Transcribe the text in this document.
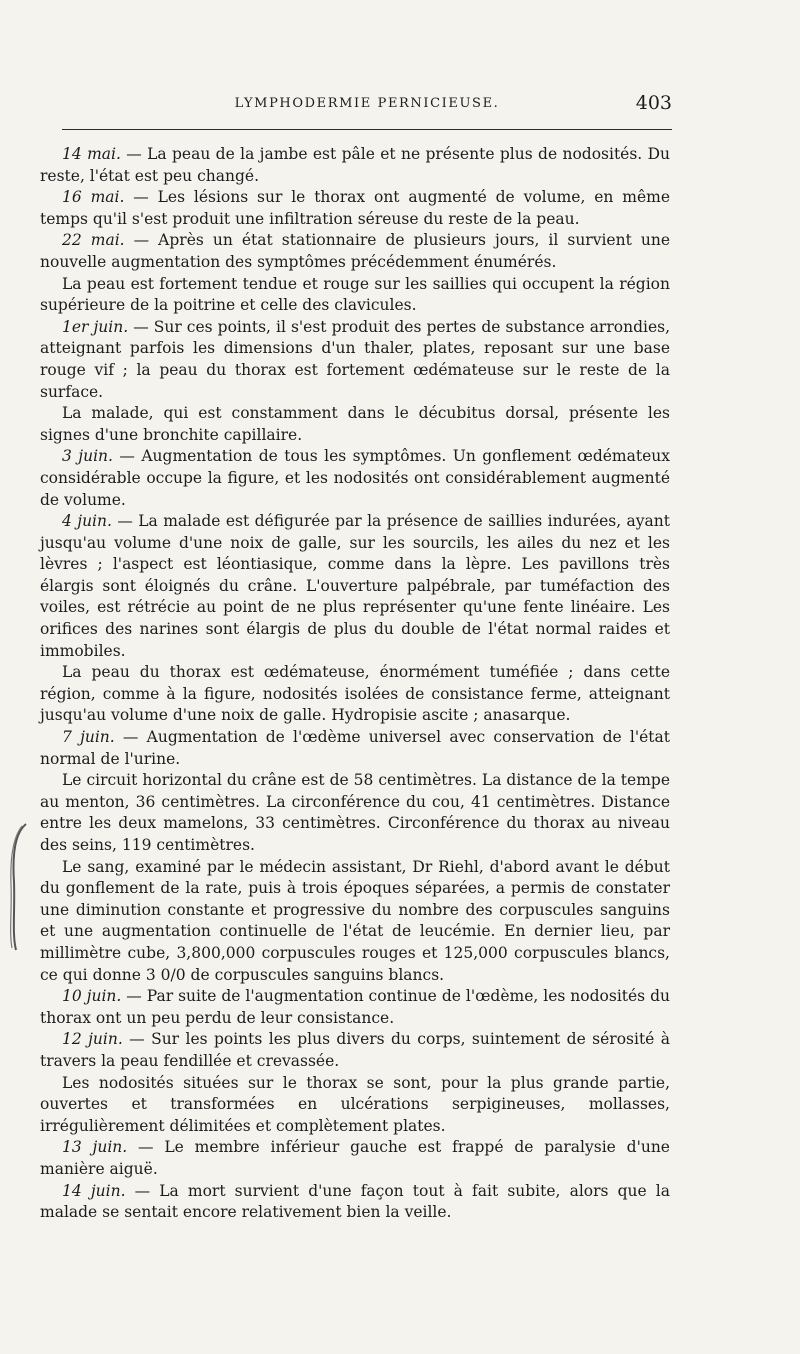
LYMPHODERMIE PERNICIEUSE.	403

14 mai. — La peau de la jambe est pâle et ne présente plus de nodosités. Du reste, l'état est peu changé.

16 mai. — Les lésions sur le thorax ont augmenté de volume, en même temps qu'il s'est produit une infiltration séreuse du reste de la peau.

22 mai. — Après un état stationnaire de plusieurs jours, il survient une nouvelle augmentation des symptômes précédemment énumérés.

La peau est fortement tendue et rouge sur les saillies qui occupent la région supérieure de la poitrine et celle des clavicules.

1er juin. — Sur ces points, il s'est produit des pertes de substance arrondies, atteignant parfois les dimensions d'un thaler, plates, reposant sur une base rouge vif ; la peau du thorax est fortement œdémateuse sur le reste de la surface.

La malade, qui est constamment dans le décubitus dorsal, présente les signes d'une bronchite capillaire.

3 juin. — Augmentation de tous les symptômes. Un gonflement œdémateux considérable occupe la figure, et les nodosités ont considérablement augmenté de volume.

4 juin. — La malade est défigurée par la présence de saillies indurées, ayant jusqu'au volume d'une noix de galle, sur les sourcils, les ailes du nez et les lèvres ; l'aspect est léontiasique, comme dans la lèpre. Les pavillons très élargis sont éloignés du crâne. L'ouverture palpébrale, par tuméfaction des voiles, est rétrécie au point de ne plus représenter qu'une fente linéaire. Les orifices des narines sont élargis de plus du double de l'état normal raides et immobiles.

La peau du thorax est œdémateuse, énormément tuméfiée ; dans cette région, comme à la figure, nodosités isolées de consistance ferme, atteignant jusqu'au volume d'une noix de galle. Hydropisie ascite ; anasarque.

7 juin. — Augmentation de l'œdème universel avec conservation de l'état normal de l'urine.

Le circuit horizontal du crâne est de 58 centimètres. La distance de la tempe au menton, 36 centimètres. La circonférence du cou, 41 centimètres. Distance entre les deux mamelons, 33 centimètres. Circonférence du thorax au niveau des seins, 119 centimètres.

Le sang, examiné par le médecin assistant, Dr Riehl, d'abord avant le début du gonflement de la rate, puis à trois époques séparées, a permis de constater une diminution constante et progressive du nombre des corpuscules sanguins et une augmentation continuelle de l'état de leucémie. En dernier lieu, par millimètre cube, 3,800,000 corpuscules rouges et 125,000 corpuscules blancs, ce qui donne 3 0/0 de corpuscules sanguins blancs.

10 juin. — Par suite de l'augmentation continue de l'œdème, les nodosités du thorax ont un peu perdu de leur consistance.

12 juin. — Sur les points les plus divers du corps, suintement de sérosité à travers la peau fendillée et crevassée.

Les nodosités situées sur le thorax se sont, pour la plus grande partie, ouvertes et transformées en ulcérations serpigineuses, mollasses, irrégulièrement délimitées et complètement plates.

13 juin. — Le membre inférieur gauche est frappé de paralysie d'une manière aiguë.

14 juin. — La mort survient d'une façon tout à fait subite, alors que la malade se sentait encore relativement bien la veille.
